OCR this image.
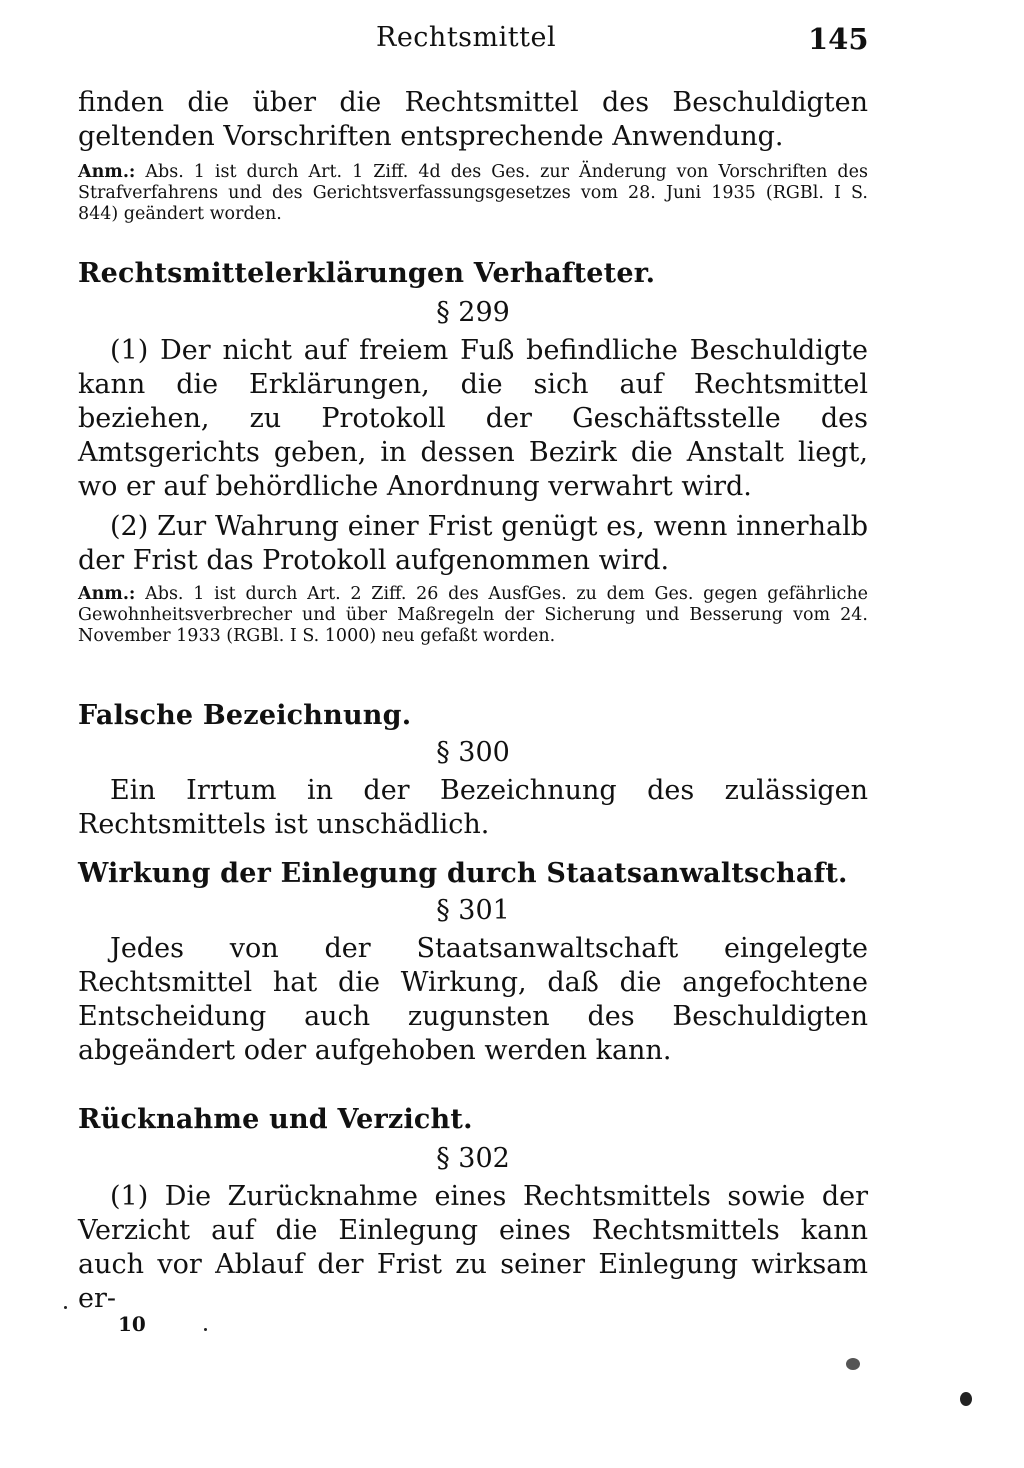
Rechtsmittel	145

finden die über die Rechtsmittel des Beschuldigten geltenden Vorschriften entsprechende Anwendung.

Anm.: Abs. 1 ist durch Art. 1 Ziff. 4d des Ges. zur Änderung von Vorschriften des Strafverfahrens und des Gerichtsverfassungsgesetzes vom 28. Juni 1935 (RGBl. I S. 844) geändert worden.

Rechtsmittelerklärungen Verhafteter.

§ 299

(1) Der nicht auf freiem Fuß befindliche Beschuldigte kann die Erklärungen, die sich auf Rechtsmittel beziehen, zu Protokoll der Geschäftsstelle des Amtsgerichts geben, in dessen Bezirk die Anstalt liegt, wo er auf behördliche Anordnung verwahrt wird.

(2) Zur Wahrung einer Frist genügt es, wenn innerhalb der Frist das Protokoll aufgenommen wird.

Anm.: Abs. 1 ist durch Art. 2 Ziff. 26 des AusfGes. zu dem Ges. gegen gefährliche Gewohnheitsverbrecher und über Maßregeln der Sicherung und Besserung vom 24. November 1933 (RGBl. I S. 1000) neu gefaßt worden.

Falsche Bezeichnung.

§ 300

Ein Irrtum in der Bezeichnung des zulässigen Rechtsmittels ist unschädlich.

Wirkung der Einlegung durch Staatsanwaltschaft.

§ 301

Jedes von der Staatsanwaltschaft eingelegte Rechtsmittel hat die Wirkung, daß die angefochtene Entscheidung auch zugunsten des Beschuldigten abgeändert oder aufgehoben werden kann.

Rücknahme und Verzicht.

§ 302

(1) Die Zurücknahme eines Rechtsmittels sowie der Verzicht auf die Einlegung eines Rechtsmittels kann auch vor Ablauf der Frist zu seiner Einlegung wirksam er-

10
